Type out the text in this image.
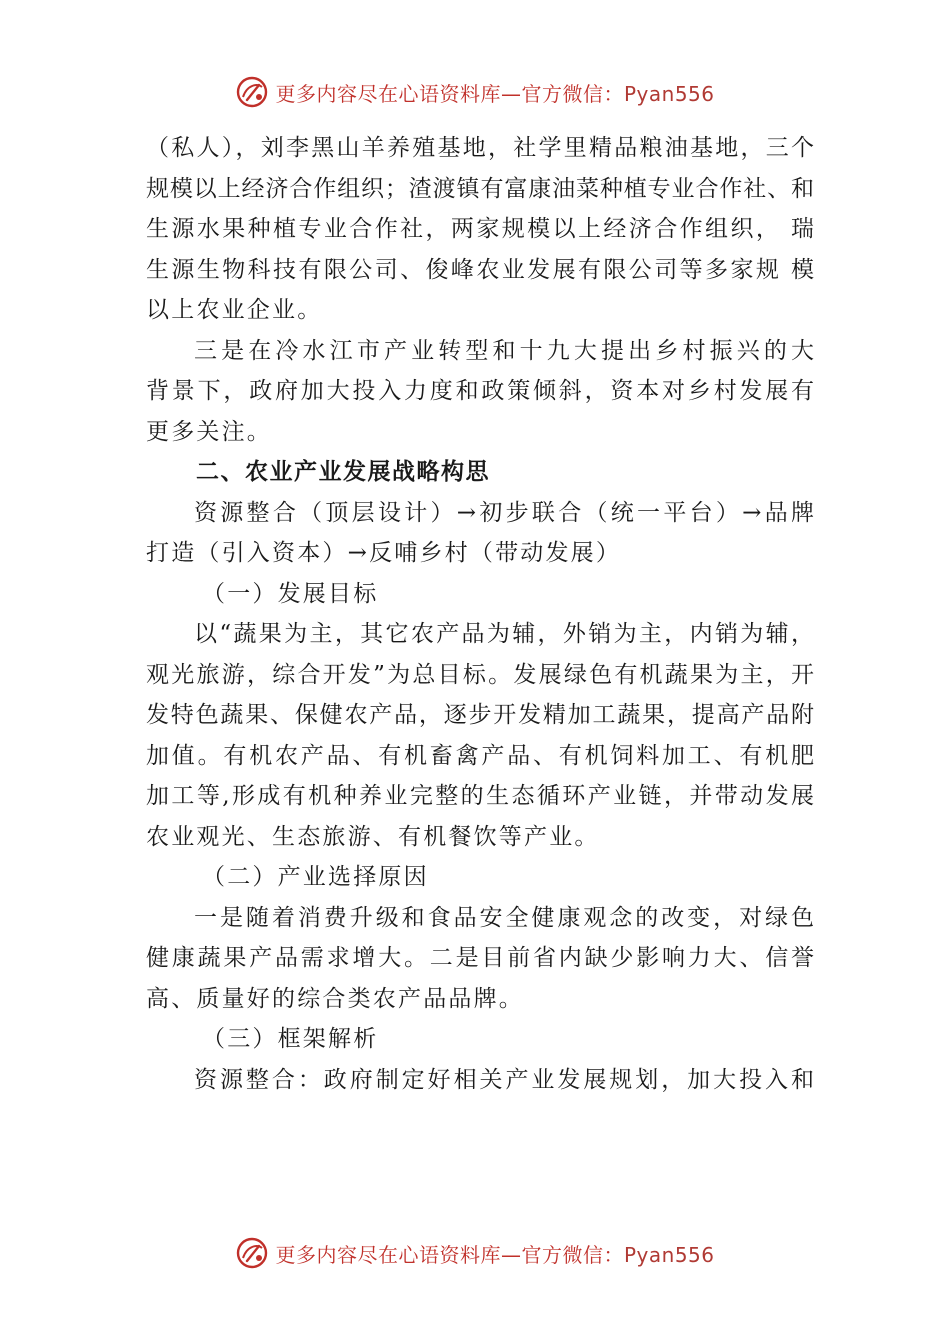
更多内容尽在心语资料库—官方微信：Pyan556
（私人），刘李黑山羊养殖基地，社学里精品粮油基地，三个
规模以上经济合作组织；渣渡镇有富康油菜种植专业合作社、和
生源水果种植专业合作社，两家规模以上经济合作组织， 瑞
生源生物科技有限公司、俊峰农业发展有限公司等多家规 模
以上农业企业。
三是在冷水江市产业转型和十九大提出乡村振兴的大
背景下，政府加大投入力度和政策倾斜，资本对乡村发展有
更多关注。
二、农业产业发展战略构思
资源整合（顶层设计）→初步联合（统一平台）→品牌
打造（引入资本）→反哺乡村（带动发展）
（一）发展目标
以“蔬果为主，其它农产品为辅，外销为主，内销为辅，
观光旅游，综合开发”为总目标。发展绿色有机蔬果为主，开
发特色蔬果、保健农产品，逐步开发精加工蔬果，提高产品附
加值。有机农产品、有机畜禽产品、有机饲料加工、有机肥
加工等,形成有机种养业完整的生态循环产业链，并带动发展
农业观光、生态旅游、有机餐饮等产业。
（二）产业选择原因
一是随着消费升级和食品安全健康观念的改变，对绿色
健康蔬果产品需求增大。二是目前省内缺少影响力大、信誉
高、质量好的综合类农产品品牌。
（三）框架解析
资源整合：政府制定好相关产业发展规划，加大投入和
更多内容尽在心语资料库—官方微信：Pyan556
